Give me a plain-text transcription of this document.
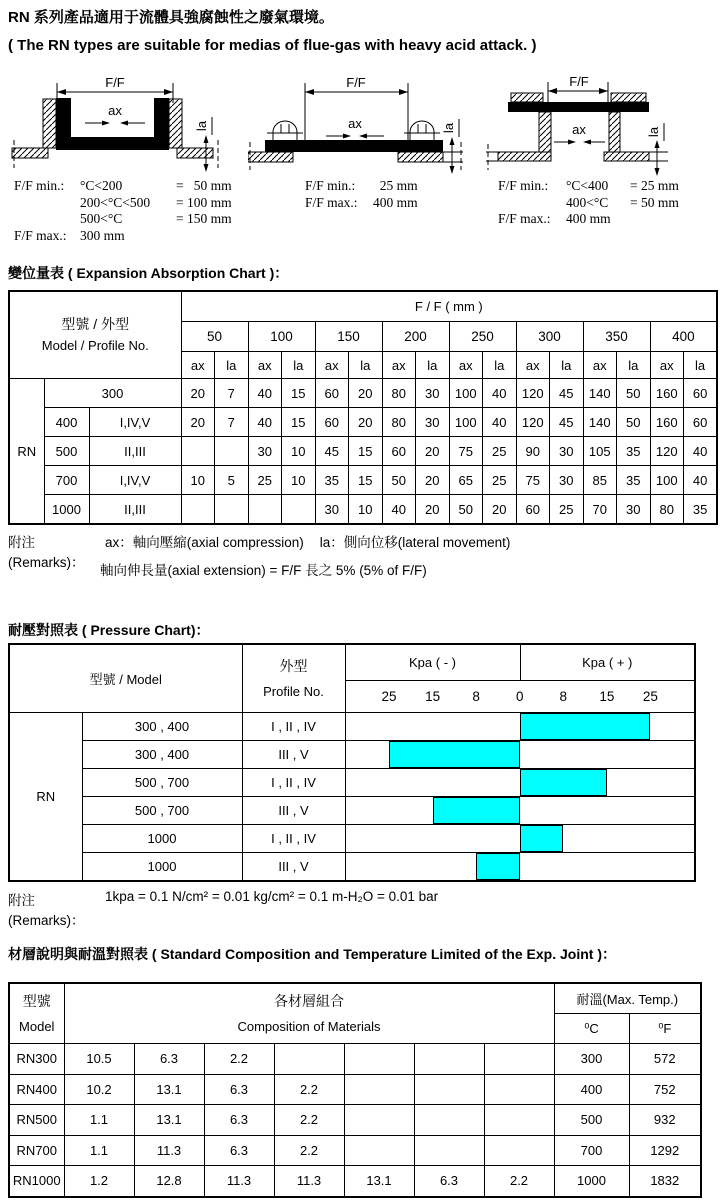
RN 系列產品適用于流體具強腐蝕性之廢氣環境。
( The RN types are suitable for medias of flue-gas with heavy acid attack. )
F/F
ax
la
F/F min.:	°C<200	=   50 mm
200<°C<500	= 100 mm
500<°C	= 150 mm
F/F max.: 300 mm
F/F
ax	la
F/F min.:	25 mm
F/F max.:	400 mm
F/F
ax	la
F/F min.:	°C<400	= 25 mm
400<°C	= 50 mm
F/F max.:	400 mm
變位量表 ( Expansion Absorption Chart )：
型號 / 外型
Model / Profile No.			F / F ( mm )															
			50		100		150		200		250		300		350		400	
			ax	la	ax	la	ax	la	ax	la	ax	la	ax	la	ax	la	ax	la
RN	300		20	7	40	15	60	20	80	30	100	40	120	45	140	50	160	60
	400	I,IV,V	20	7	40	15	60	20	80	30	100	40	120	45	140	50	160	60
	500	II,III			30	10	45	15	60	20	75	25	90	30	105	35	120	40
	700	I,IV,V	10	5	25	10	35	15	50	20	65	25	75	30	85	35	100	40
	1000	II,III					30	10	40	20	50	20	60	25	70	30	80	35
附注(Remarks)：
ax：軸向壓縮(axial compression) la：側向位移(lateral movement)
軸向伸長量(axial extension) = F/F 長之 5% (5% of F/F)
耐壓對照表 ( Pressure Chart)：
型號 / Model		外型
Profile No.	Kpa ( - )	Kpa ( + )

25 15 8	0	8 15 25

RN	300 , 400	I , II , IV		

	300 , 400	III , V		

	500 , 700	I , II , IV		

	500 , 700	III , V		

	1000	I , II , IV		

	1000	III , V		
附注(Remarks)：
1kpa = 0.1 N/cm² = 0.01 kg/cm² = 0.1 m-H₂O = 0.01 bar
材層說明與耐溫對照表 ( Standard Composition and Temperature Limited of the Exp. Joint )：
型號
Model

各材層組合
Composition of Materials
	耐溫(Max. Temp.)
								⁰C	⁰F
RN300	10.5	6.3	2.2					300	572
RN400	10.2	13.1	6.3	2.2				400	752
RN500	1.1	13.1	6.3	2.2				500	932
RN700	1.1	11.3	6.3	2.2				700	1292
RN1000	1.2	12.8	11.3	11.3	13.1	6.3	2.2	1000	1832
